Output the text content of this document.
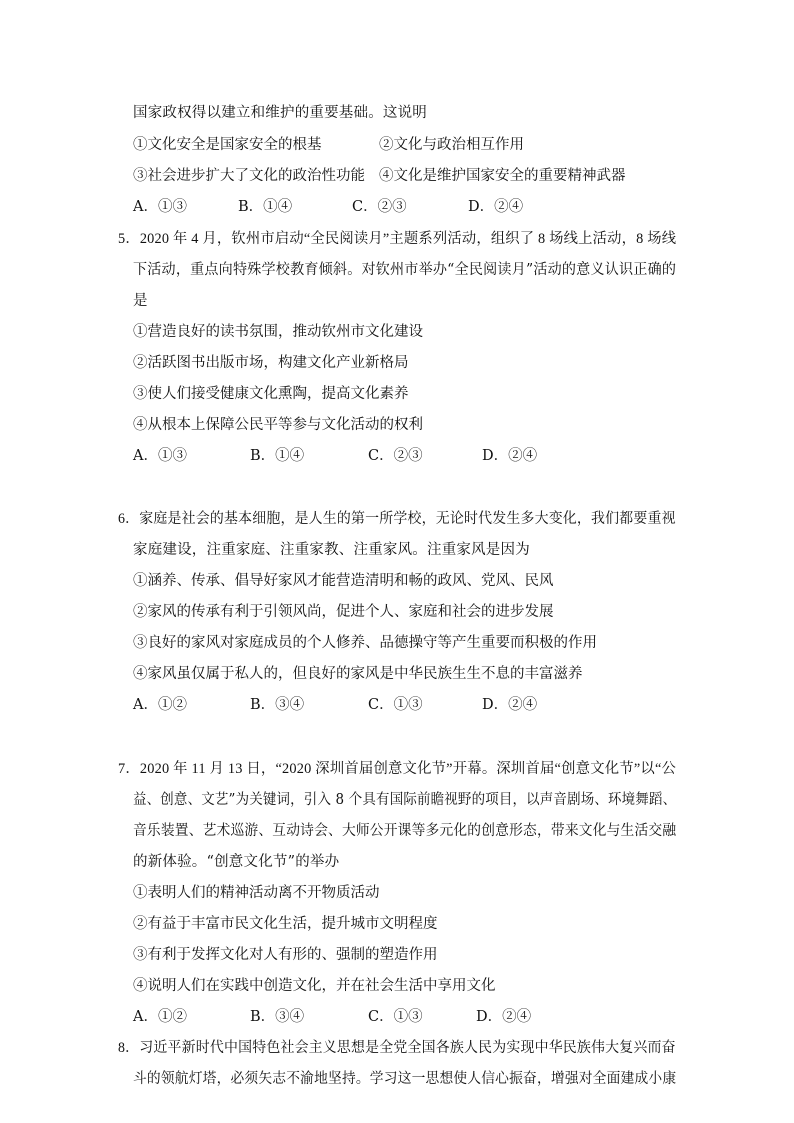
国家政权得以建立和维护的重要基础。这说明
①文化安全是国家安全的根基	②文化与政治相互作用
③社会进步扩大了文化的政治性功能 ④文化是维护国家安全的重要精神武器
A．①③	B．①④	C．②③	D．②④
5．2020 年 4 月，钦州市启动“全民阅读月”主题系列活动，组织了 8 场线上活动，8 场线
下活动，重点向特殊学校教育倾斜。对钦州市举办“全民阅读月”活动的意义认识正确的
是
①营造良好的读书氛围，推动钦州市文化建设
②活跃图书出版市场，构建文化产业新格局
③使人们接受健康文化熏陶，提高文化素养
④从根本上保障公民平等参与文化活动的权利
A．①③	B．①④	C．②③	D．②④
6．家庭是社会的基本细胞，是人生的第一所学校，无论时代发生多大变化，我们都要重视
家庭建设，注重家庭、注重家教、注重家风。注重家风是因为
①涵养、传承、倡导好家风才能营造清明和畅的政风、党风、民风
②家风的传承有利于引领风尚，促进个人、家庭和社会的进步发展
③良好的家风对家庭成员的个人修养、品德操守等产生重要而积极的作用
④家风虽仅属于私人的，但良好的家风是中华民族生生不息的丰富滋养
A．①②	B．③④	C．①③	D．②④
7．2020 年 11 月 13 日，“2020 深圳首届创意文化节”开幕。深圳首届“创意文化节”以“公
益、创意、文艺”为关键词，引入 8 个具有国际前瞻视野的项目，以声音剧场、环境舞蹈、
音乐装置、艺术巡游、互动诗会、大师公开课等多元化的创意形态，带来文化与生活交融
的新体验。“创意文化节”的举办
①表明人们的精神活动离不开物质活动
②有益于丰富市民文化生活，提升城市文明程度
③有利于发挥文化对人有形的、强制的塑造作用
④说明人们在实践中创造文化，并在社会生活中享用文化
A．①②	B．③④	C．①③	D．②④
8．习近平新时代中国特色社会主义思想是全党全国各族人民为实现中华民族伟大复兴而奋
斗的领航灯塔，必须矢志不渝地坚持。学习这一思想使人信心振奋，增强对全面建成小康
